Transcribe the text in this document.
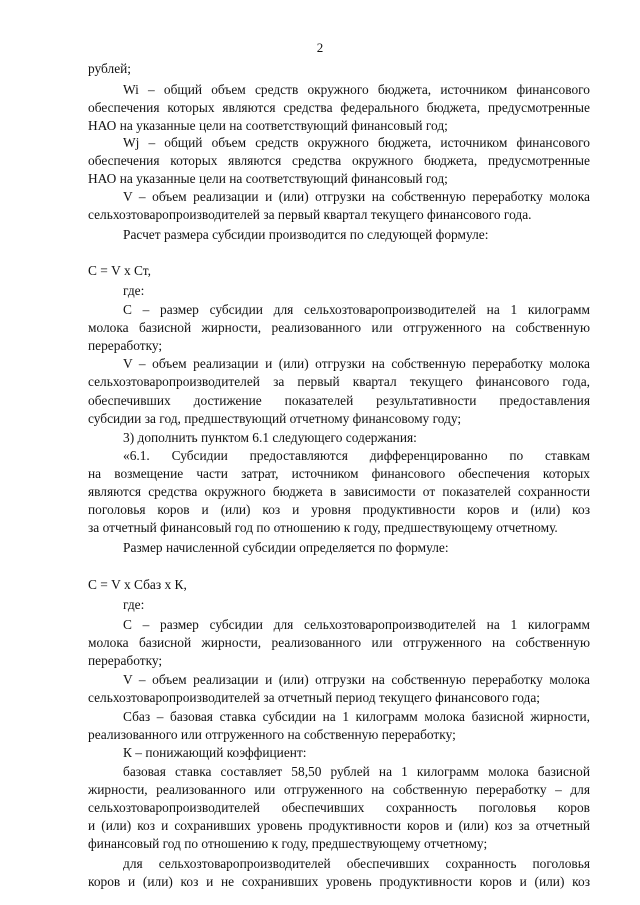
2
рублей;
Wi – общий объем средств окружного бюджета, источником финансового
обеспечения которых являются средства федерального бюджета, предусмотренные
НАО на указанные цели на соответствующий финансовый год;
Wj – общий объем средств окружного бюджета, источником финансового
обеспечения которых являются средства окружного бюджета, предусмотренные
НАО на указанные цели на соответствующий финансовый год;
V – объем реализации и (или) отгрузки на собственную переработку молока
сельхозтоваропроизводителей за первый квартал текущего финансового года.
Расчет размера субсидии производится по следующей формуле:
С = V х Ст,
где:
С – размер субсидии для сельхозтоваропроизводителей на 1 килограмм
молока базисной жирности, реализованного или отгруженного на собственную
переработку;
V – объем реализации и (или) отгрузки на собственную переработку молока
сельхозтоваропроизводителей за первый квартал текущего финансового года,
обеспечивших достижение показателей результативности предоставления
субсидии за год, предшествующий отчетному финансовому году;
3) дополнить пунктом 6.1 следующего содержания:
«6.1. Субсидии предоставляются дифференцированно по ставкам
на возмещение части затрат, источником финансового обеспечения которых
являются средства окружного бюджета в зависимости от показателей сохранности
поголовья коров и (или) коз и уровня продуктивности коров и (или) коз
за отчетный финансовый год по отношению к году, предшествующему отчетному.
Размер начисленной субсидии определяется по формуле:
С = V х Сбаз х К,
где:
С – размер субсидии для сельхозтоваропроизводителей на 1 килограмм
молока базисной жирности, реализованного или отгруженного на собственную
переработку;
V – объем реализации и (или) отгрузки на собственную переработку молока
сельхозтоваропроизводителей за отчетный период текущего финансового года;
Сбаз – базовая ставка субсидии на 1 килограмм молока базисной жирности,
реализованного или отгруженного на собственную переработку;
К – понижающий коэффициент:
базовая ставка составляет 58,50 рублей на 1 килограмм молока базисной
жирности, реализованного или отгруженного на собственную переработку – для
сельхозтоваропроизводителей обеспечивших сохранность поголовья коров
и (или) коз и сохранивших уровень продуктивности коров и (или) коз за отчетный
финансовый год по отношению к году, предшествующему отчетному;
для сельхозтоваропроизводителей обеспечивших сохранность поголовья
коров и (или) коз и не сохранивших уровень продуктивности коров и (или) коз
